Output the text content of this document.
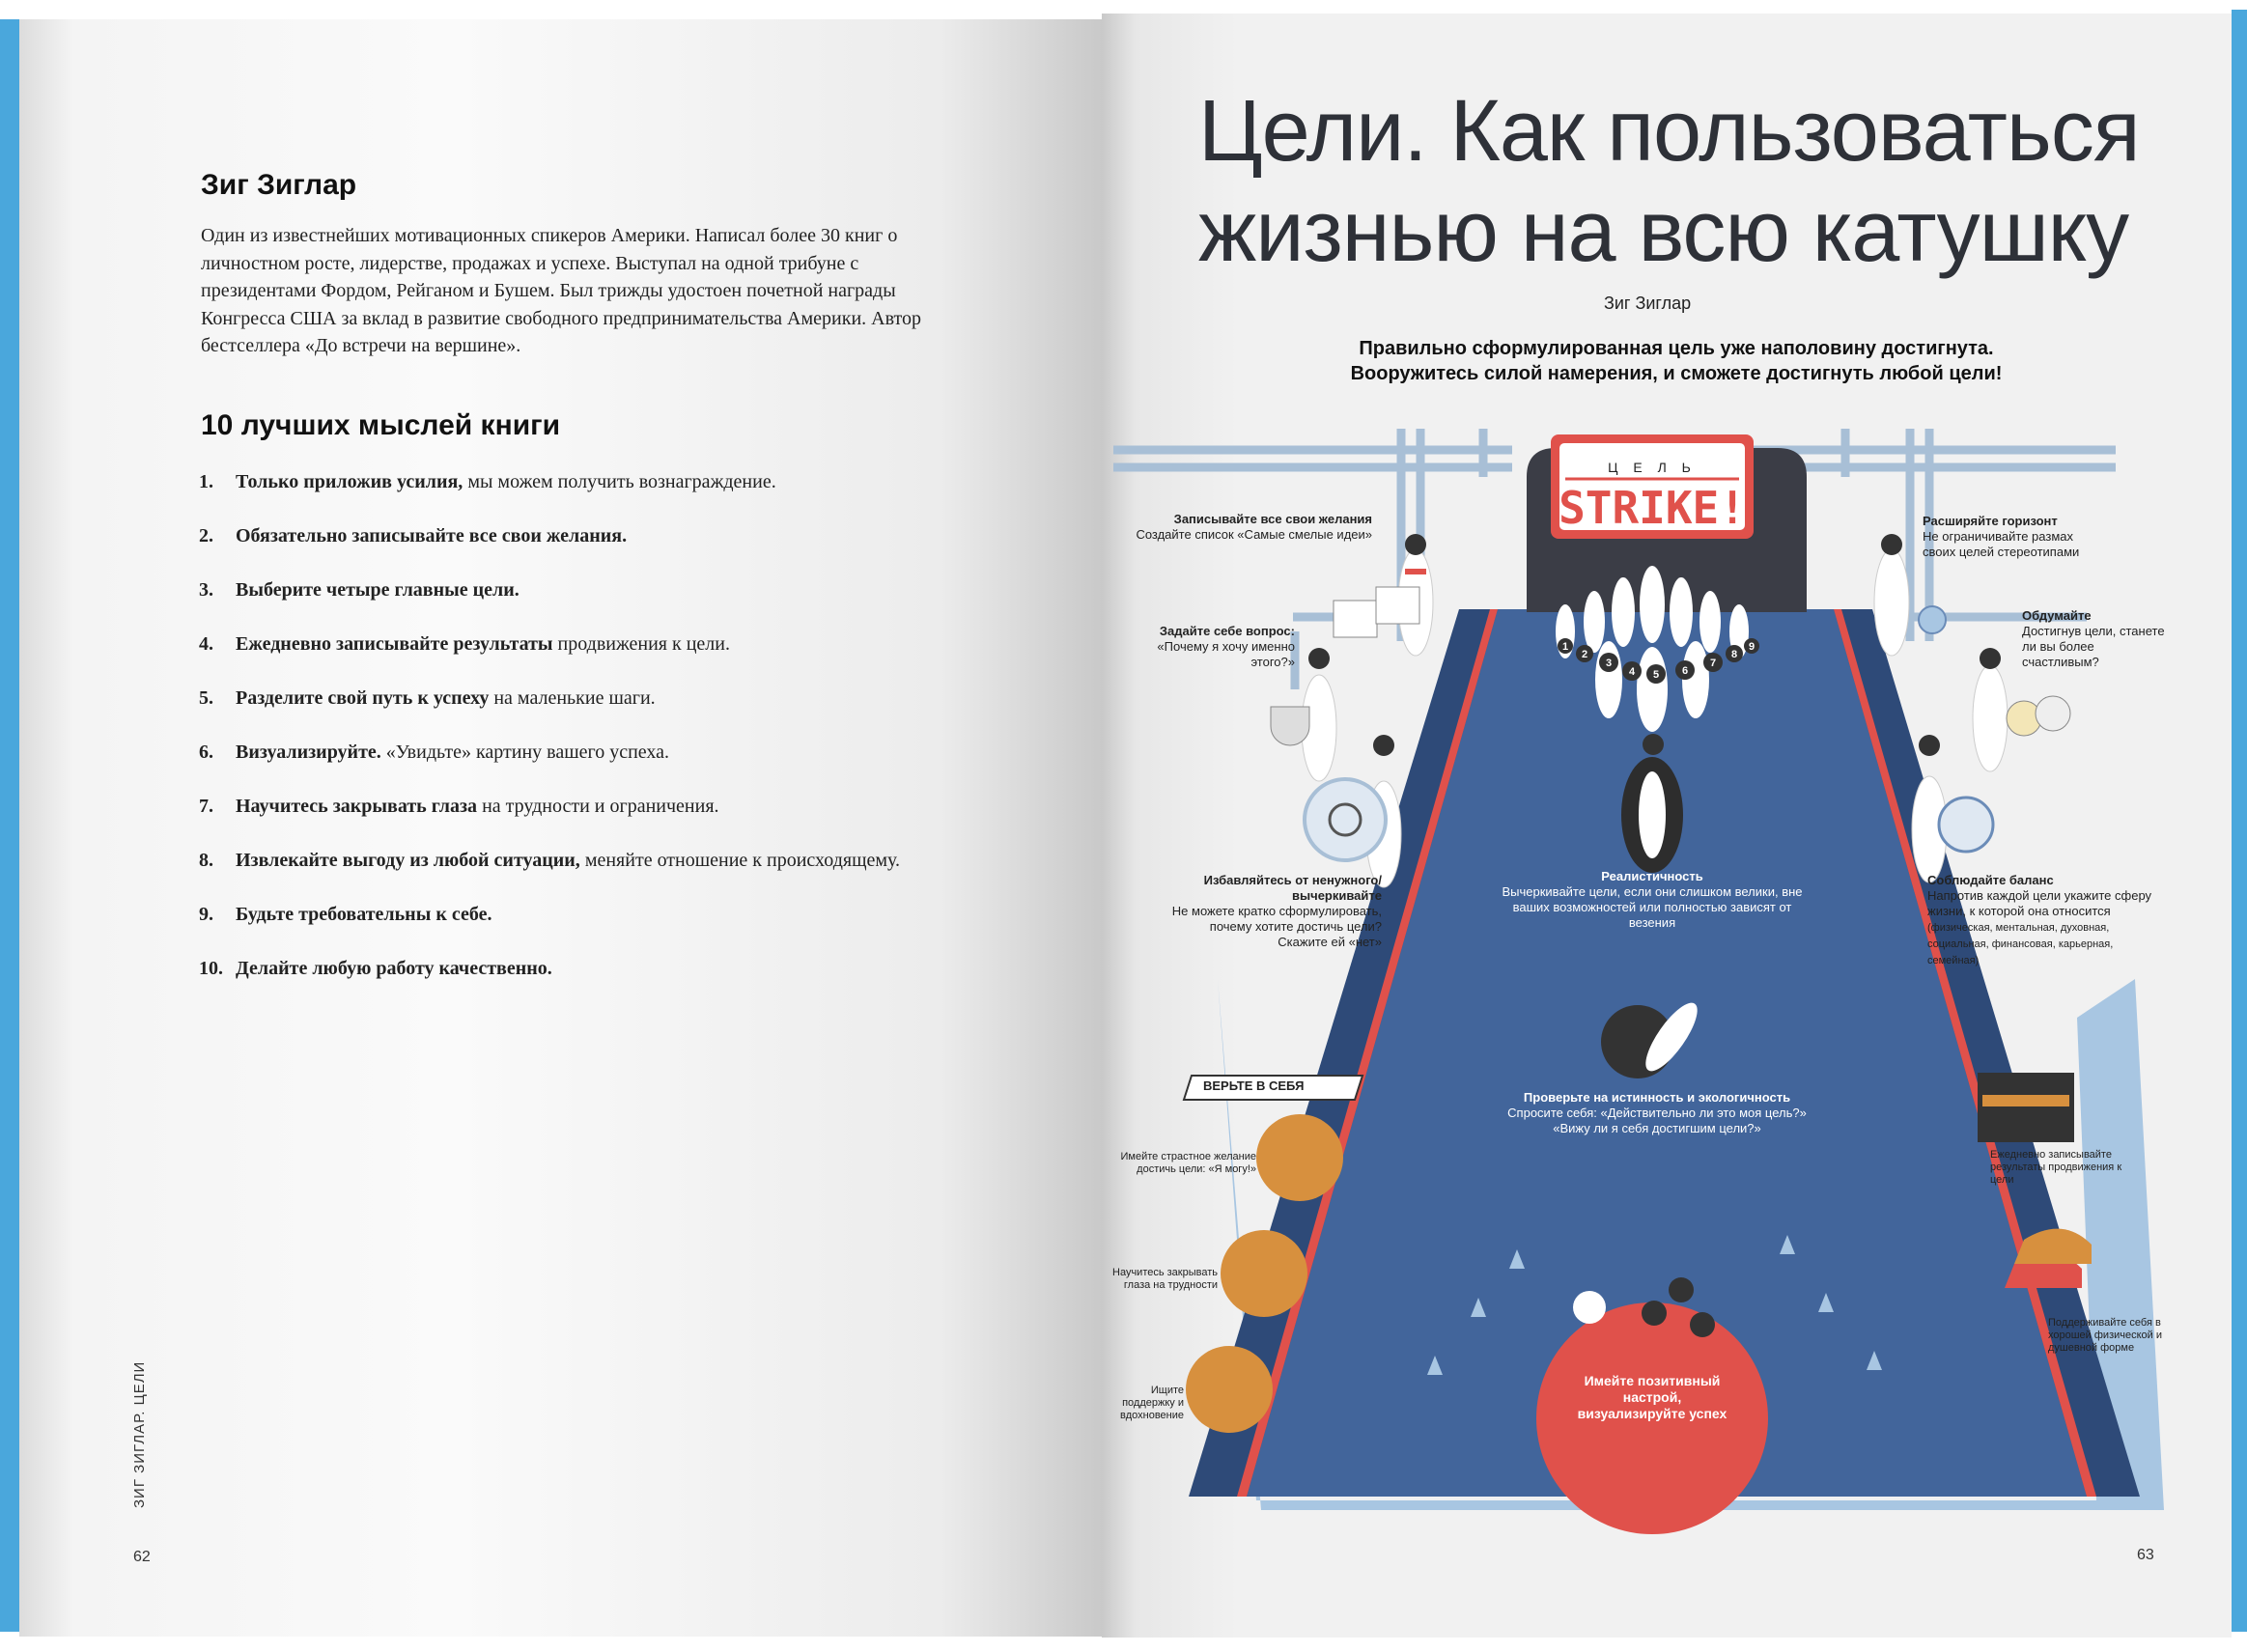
Зиг Зиглар
Один из известнейших мотивационных спикеров Америки. Написал более 30 книг о личностном росте, лидерстве, продажах и успехе. Выступал на одной трибуне с президентами Фордом, Рейганом и Бушем. Был трижды удостоен почетной награды Конгресса США за вклад в развитие свободного предпринимательства Америки. Автор бестселлера «До встречи на вершине».
10 лучших мыслей книги
1. Только приложив усилия, мы можем получить вознаграждение.
2. Обязательно записывайте все свои желания.
3. Выберите четыре главные цели.
4. Ежедневно записывайте результаты продвижения к цели.
5. Разделите свой путь к успеху на маленькие шаги.
6. Визуализируйте. «Увидьте» картину вашего успеха.
7. Научитесь закрывать глаза на трудности и ограничения.
8. Извлекайте выгоду из любой ситуации, меняйте отношение к происходящему.
9. Будьте требовательны к себе.
10. Делайте любую работу качественно.
ЗИГ ЗИГЛАР. ЦЕЛИ
62
Ц Е Л Ь
STRIKE!
1
2
3
4 5 6
7
8
9
Цели. Как пользоваться
жизнью на всю катушку
Зиг Зиглар
Правильно сформулированная цель уже наполовину достигнута.
Вооружитесь силой намерения, и сможете достигнуть любой цели!
Записывайте все свои желания
Создайте список «Самые смелые идеи»
Задайте себе вопрос:
«Почему я хочу именно этого?»
Избавляйтесь от ненужного/вычеркивайте
Не можете кратко сформулировать, почему хотите достичь цели? Скажите ей «нет»
Расширяйте горизонт
Не ограничивайте размах своих целей стереотипами
Обдумайте
Достигнув цели, станете ли вы более счастливым?
Соблюдайте баланс
Напротив каждой цели укажите сферу жизни, к которой она относится
(физическая, ментальная, духовная, социальная, финансовая, карьерная, семейная)
Реалистичность
Вычеркивайте цели, если они слишком велики, вне ваших возможностей или полностью зависят от везения
Проверьте на истинность и экологичность
Спросите себя: «Действительно ли это моя цель?» «Вижу ли я себя достигшим цели?»
ВЕРЬТЕ В СЕБЯ
Имейте страстное желание достичь цели: «Я могу!»
Научитесь закрывать глаза на трудности
Ищите поддержку и вдохновение
Ежедневно записывайте результаты продвижения к цели
Поддерживайте себя в хорошей физической и душевной форме
Имейте позитивный настрой, визуализируйте успех
63
